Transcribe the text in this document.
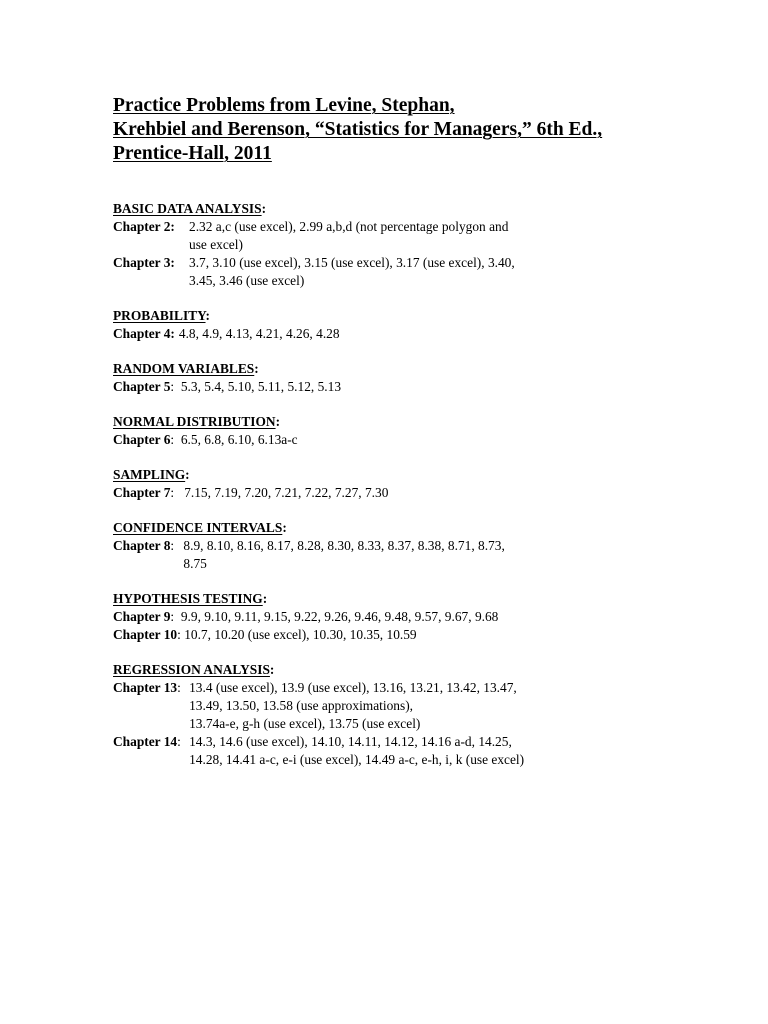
Practice Problems from Levine, Stephan,
Krehbiel and Berenson, “Statistics for Managers,” 6th Ed.,
Prentice-Hall, 2011
BASIC DATA ANALYSIS:
Chapter 2:	2.32 a,c (use excel), 2.99 a,b,d (not percentage polygon and
use excel)
Chapter 3:	3.7, 3.10 (use excel), 3.15 (use excel), 3.17 (use excel), 3.40,
3.45, 3.46 (use excel)
PROBABILITY:
Chapter 4: 4.8, 4.9, 4.13, 4.21, 4.26, 4.28
RANDOM VARIABLES:
Chapter 5 : 5.3, 5.4, 5.10, 5.11, 5.12, 5.13
NORMAL DISTRIBUTION:
Chapter 6 : 6.5, 6.8, 6.10, 6.13a-c
SAMPLING:
Chapter 7 : 7.15, 7.19, 7.20, 7.21, 7.22, 7.27, 7.30
CONFIDENCE INTERVALS:
Chapter 8 : 8.9, 8.10, 8.16, 8.17, 8.28, 8.30, 8.33, 8.37, 8.38, 8.71, 8.73,
8.75
HYPOTHESIS TESTING:
Chapter 9 : 9.9, 9.10, 9.11, 9.15, 9.22, 9.26, 9.46, 9.48, 9.57, 9.67, 9.68
Chapter 10 : 10.7, 10.20 (use excel), 10.30, 10.35, 10.59
REGRESSION ANALYSIS:
Chapter 13 : 13.4 (use excel), 13.9 (use excel), 13.16, 13.21, 13.42, 13.47,
13.49, 13.50, 13.58 (use approximations),
13.74a-e, g-h (use excel), 13.75 (use excel)
Chapter 14 : 14.3, 14.6 (use excel), 14.10, 14.11, 14.12, 14.16 a-d, 14.25,
14.28, 14.41 a-c, e-i (use excel), 14.49 a-c, e-h, i, k (use excel)
